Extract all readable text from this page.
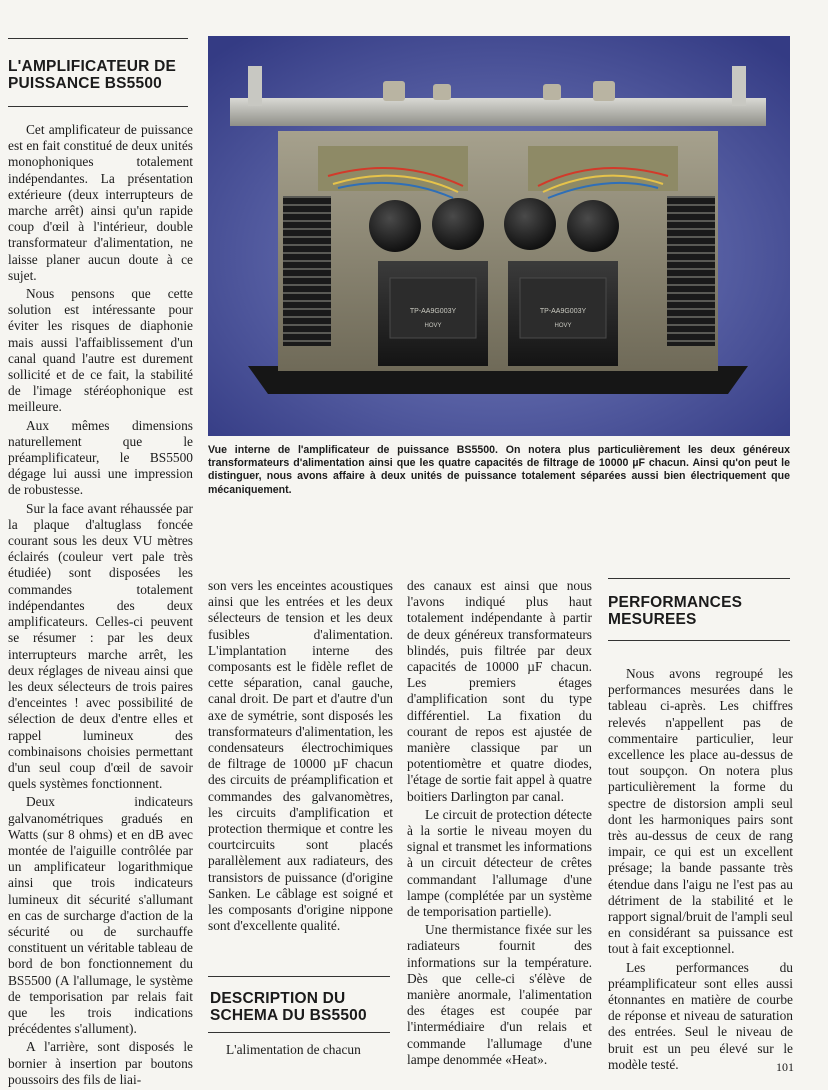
L'AMPLIFICATEUR DE PUISSANCE BS5500

Cet amplificateur de puissance est en fait constitué de deux unités monophoniques totalement indépendantes. La présentation extérieure (deux interrupteurs de marche arrêt) ainsi qu'un rapide coup d'œil à l'intérieur, double transformateur d'alimentation, ne laisse planer aucun doute à ce sujet.

Nous pensons que cette solution est intéressante pour éviter les risques de diaphonie mais aussi l'affaiblissement d'un canal quand l'autre est durement sollicité et de ce fait, la stabilité de l'image stéréophonique est meilleure.

Aux mêmes dimensions naturellement que le préamplificateur, le BS5500 dégage lui aussi une impression de robustesse.

Sur la face avant réhaussée par la plaque d'altuglass foncée courant sous les deux VU mètres éclairés (couleur vert pale très étudiée) sont disposées les commandes totalement indépendantes des deux amplificateurs. Celles-ci peuvent se résumer : par les deux interrupteurs marche arrêt, les deux réglages de niveau ainsi que les deux sélecteurs de trois paires d'enceintes ! avec possibilité de sélection de deux d'entre elles et rappel lumineux des combinaisons choisies permettant d'un seul coup d'œil de savoir quels systèmes fonctionnent.

Deux indicateurs galvanométriques gradués en Watts (sur 8 ohms) et en dB avec montée de l'aiguille contrôlée par un amplificateur logarithmique ainsi que trois indicateurs lumineux dit sécurité s'allumant en cas de surcharge d'action de la sécurité ou de surchauffe constituent un véritable tableau de bord de bon fonctionnement du BS5500 (A l'allumage, le système de temporisation par relais fait que les trois indications précédentes s'allument).

A l'arrière, sont disposés le bornier à insertion par boutons poussoirs des fils de liai-

TP-AA9G003Y	TP-AA9G003Y
HOVY	HOVY

Vue interne de l'amplificateur de puissance BS5500. On notera plus particulièrement les deux généreux transformateurs d'alimentation ainsi que les quatre capacités de filtrage de 10000 µF chacun. Ainsi qu'on peut le distinguer, nous avons affaire à deux unités de puissance totalement séparées aussi bien électriquement que mécaniquement.

son vers les enceintes acoustiques ainsi que les entrées et les deux sélecteurs de tension et les deux fusibles d'alimentation. L'implantation interne des composants est le fidèle reflet de cette séparation, canal gauche, canal droit. De part et d'autre d'un axe de symétrie, sont disposés les transformateurs d'alimentation, les condensateurs électrochimiques de filtrage de 10000 µF chacun des circuits de préamplification et commandes des galvanomètres, les circuits d'amplification et protection thermique et contre les courtcircuits sont placés parallèlement aux radiateurs, des transistors de puissance (d'origine Sanken. Le câblage est soigné et les composants d'origine nippone sont d'excellente qualité.

DESCRIPTION DU SCHEMA DU BS5500

L'alimentation de chacun

des canaux est ainsi que nous l'avons indiqué plus haut totalement indépendante à partir de deux généreux transformateurs blindés, puis filtrée par deux capacités de 10000 µF chacun. Les premiers étages d'amplification sont du type différentiel. La fixation du courant de repos est ajustée de manière classique par un potentiomètre et quatre diodes, l'étage de sortie fait appel à quatre boitiers Darlington par canal.

Le circuit de protection détecte à la sortie le niveau moyen du signal et transmet les informations à un circuit détecteur de crêtes commandant l'allumage d'une lampe (complétée par un système de temporisation partielle).

Une thermistance fixée sur les radiateurs fournit des informations sur la température. Dès que celle-ci s'élève de manière anormale, l'alimentation des étages est coupée par l'intermédiaire d'un relais et commande l'allumage d'une lampe denommée «Heat».

PERFORMANCES MESUREES

Nous avons regroupé les performances mesurées dans le tableau ci-après. Les chiffres relevés n'appellent pas de commentaire particulier, leur excellence les place au-dessus de tout soupçon. On notera plus particulièrement la forme du spectre de distorsion ampli seul dont les harmoniques pairs sont très au-dessus de ceux de rang impair, ce qui est un excellent présage; la bande passante très étendue dans l'aigu ne l'est pas au détriment de la stabilité et le rapport signal/bruit de l'ampli seul en considérant sa puissance est tout à fait exceptionnel.

Les performances du préamplificateur sont elles aussi étonnantes en matière de courbe de réponse et niveau de saturation des entrées. Seul le niveau de bruit est un peu élevé sur le modèle testé.	101
